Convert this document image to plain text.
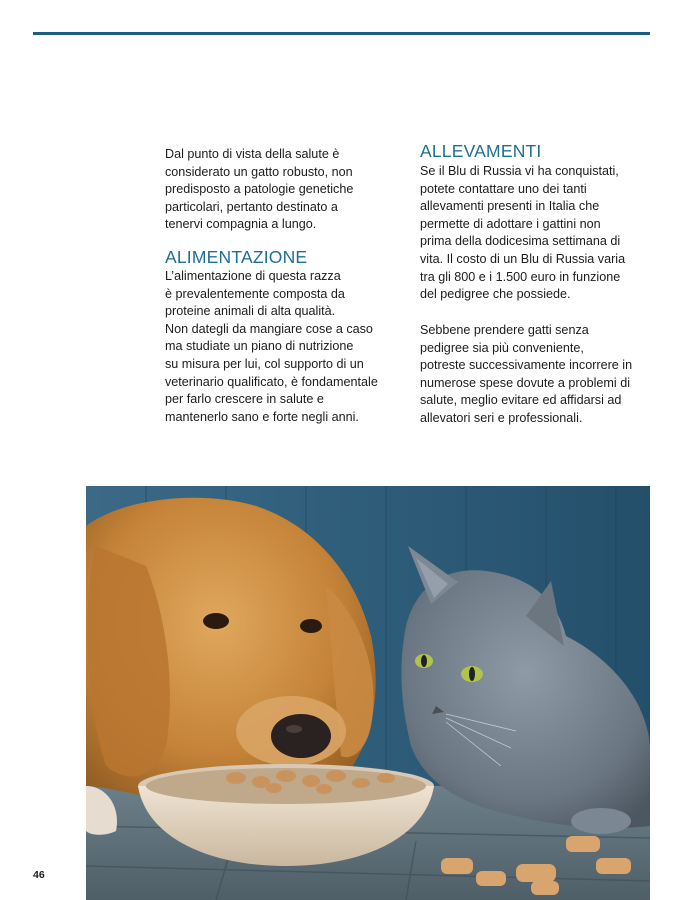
Dal punto di vista della salute è
considerato un gatto robusto, non
predisposto a patologie genetiche
particolari, pertanto destinato a
tenervi compagnia a lungo.

ALIMENTAZIONE

L’alimentazione di questa razza
è prevalentemente composta da
proteine animali di alta qualità.
Non dategli da mangiare cose a caso
ma studiate un piano di nutrizione
su misura per lui, col supporto di un
veterinario qualificato, è fondamentale
per farlo crescere in salute e
mantenerlo sano e forte negli anni.

ALLEVAMENTI

Se il Blu di Russia vi ha conquistati,
potete contattare uno dei tanti
allevamenti presenti in Italia che
permette di adottare i gattini non
prima della dodicesima settimana di
vita. Il costo di un Blu di Russia varia
tra gli 800 e i 1.500 euro in funzione
del pedigree che possiede.

Sebbene prendere gatti senza
pedigree sia più conveniente,
potreste successivamente incorrere in
numerose spese dovute a problemi di
salute, meglio evitare ed affidarsi ad
allevatori seri e professionali.

46
